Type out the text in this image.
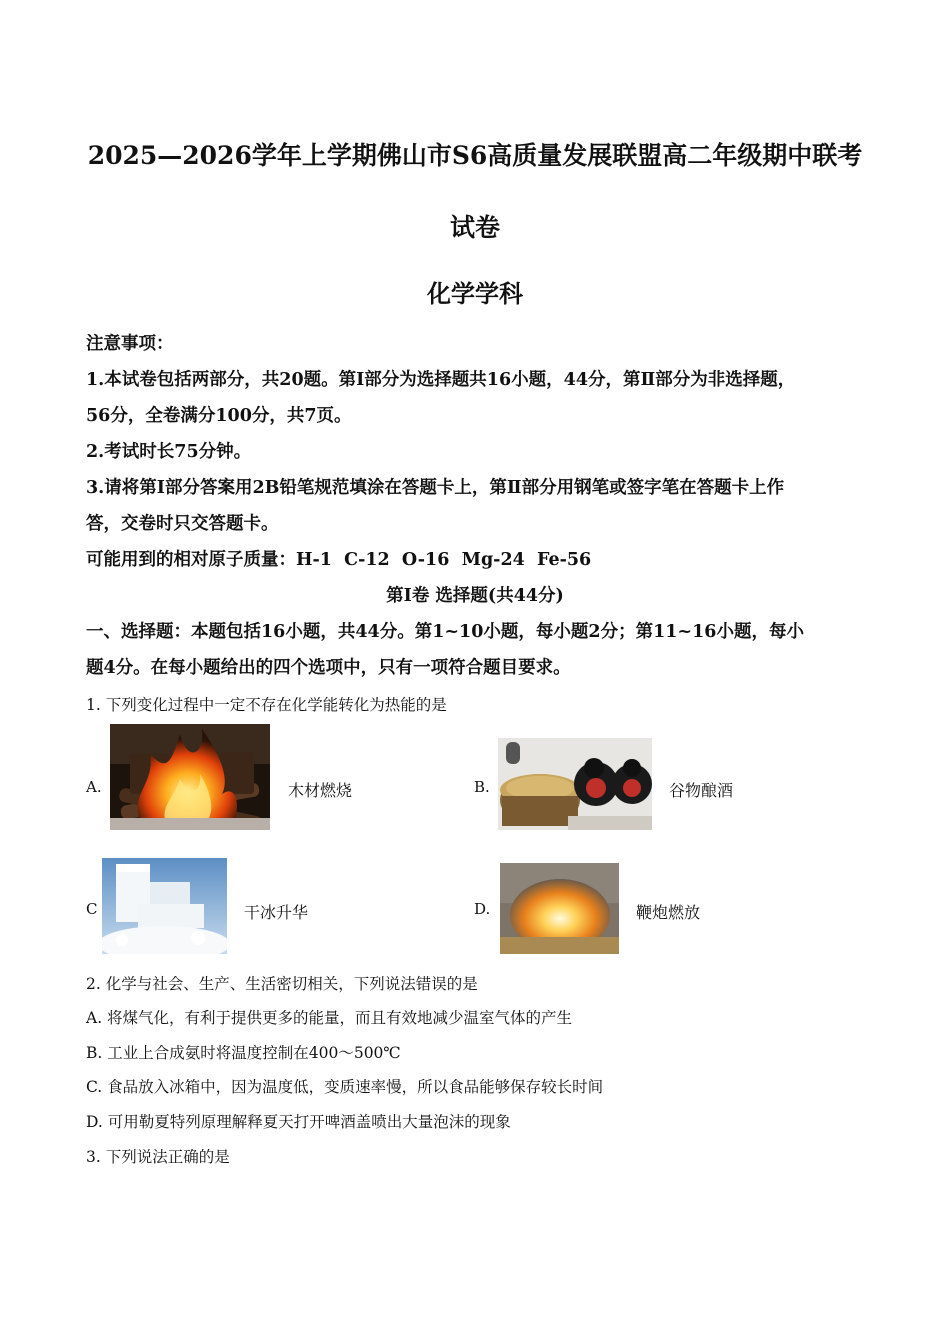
2025—2026学年上学期佛山市S6高质量发展联盟高二年级期中联考
试卷
化学学科
注意事项：
1.本试卷包括两部分，共20题。第Ⅰ部分为选择题共16小题，44分，第Ⅱ部分为非选择题，
56分，全卷满分100分，共7页。
2.考试时长75分钟。
3.请将第Ⅰ部分答案用2B铅笔规范填涂在答题卡上，第Ⅱ部分用钢笔或签字笔在答题卡上作
答，交卷时只交答题卡。
可能用到的相对原子质量：H-1  C-12  O-16  Mg-24  Fe-56
第Ⅰ卷 选择题(共44分)
一、选择题：本题包括16小题，共44分。第1~10小题，每小题2分；第11~16小题，每小
题4分。在每小题给出的四个选项中，只有一项符合题目要求。
1. 下列变化过程中一定不存在化学能转化为热能的是
A.	木材燃烧	B.	谷物酿酒
C	干冰升华	D.	鞭炮燃放
2. 化学与社会、生产、生活密切相关，下列说法错误的是
A. 将煤气化，有利于提供更多的能量，而且有效地减少温室气体的产生
B. 工业上合成氨时将温度控制在400～500℃
C. 食品放入冰箱中，因为温度低，变质速率慢，所以食品能够保存较长时间
D. 可用勒夏特列原理解释夏天打开啤酒盖喷出大量泡沫的现象
3. 下列说法正确的是
